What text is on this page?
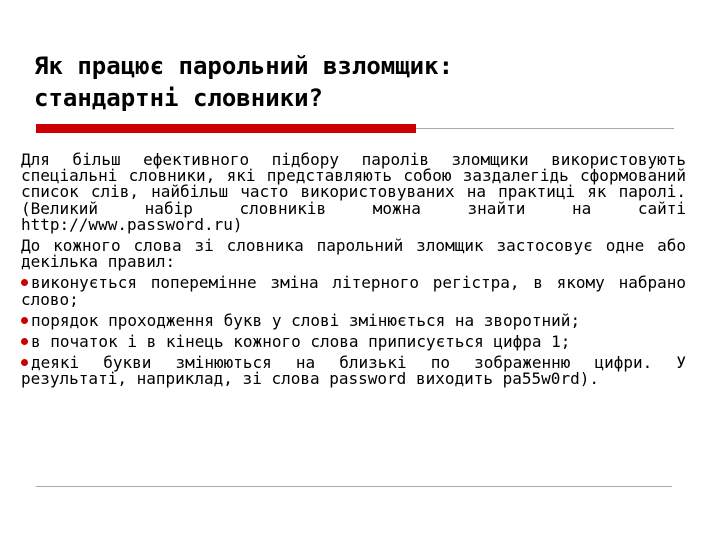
Як працює парольний взломщик:
стандартні словники?

Для більш ефективного підбору паролів зломщики використовують спеціальні словники, які представляють собою заздалегідь сформований список слів, найбільш часто використовуваних на практиці як паролі. (Великий набір словників можна знайти на сайті http://www.password.ru)

До кожного слова зі словника парольний зломщик застосовує одне або декілька правил:

виконується поперемінне зміна літерного регістра, в якому набрано слово;

порядок проходження букв у слові змінюється на зворотний;

в початок і в кінець кожного слова приписується цифра 1;

деякі букви змінюються на близькі по зображенню цифри. У результаті, наприклад, зі слова password виходить pa55w0rd).
